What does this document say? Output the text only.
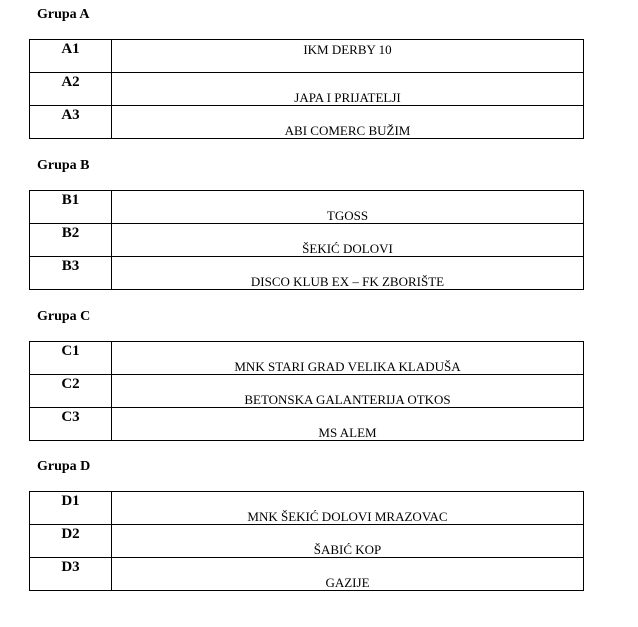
Grupa A
A1	IKM DERBY 10

A2	JAPA I PRIJATELJI

A3	ABI COMERC BUŽIM
Grupa B
B1	TGOSS

B2	ŠEKIĆ DOLOVI

B3	DISCO KLUB EX – FK ZBORIŠTE
Grupa C
C1	MNK STARI GRAD VELIKA KLADUŠA

C2	BETONSKA GALANTERIJA OTKOS

C3	MS ALEM
Grupa D
D1	MNK ŠEKIĆ DOLOVI MRAZOVAC

D2	ŠABIĆ KOP

D3	GAZIJE
